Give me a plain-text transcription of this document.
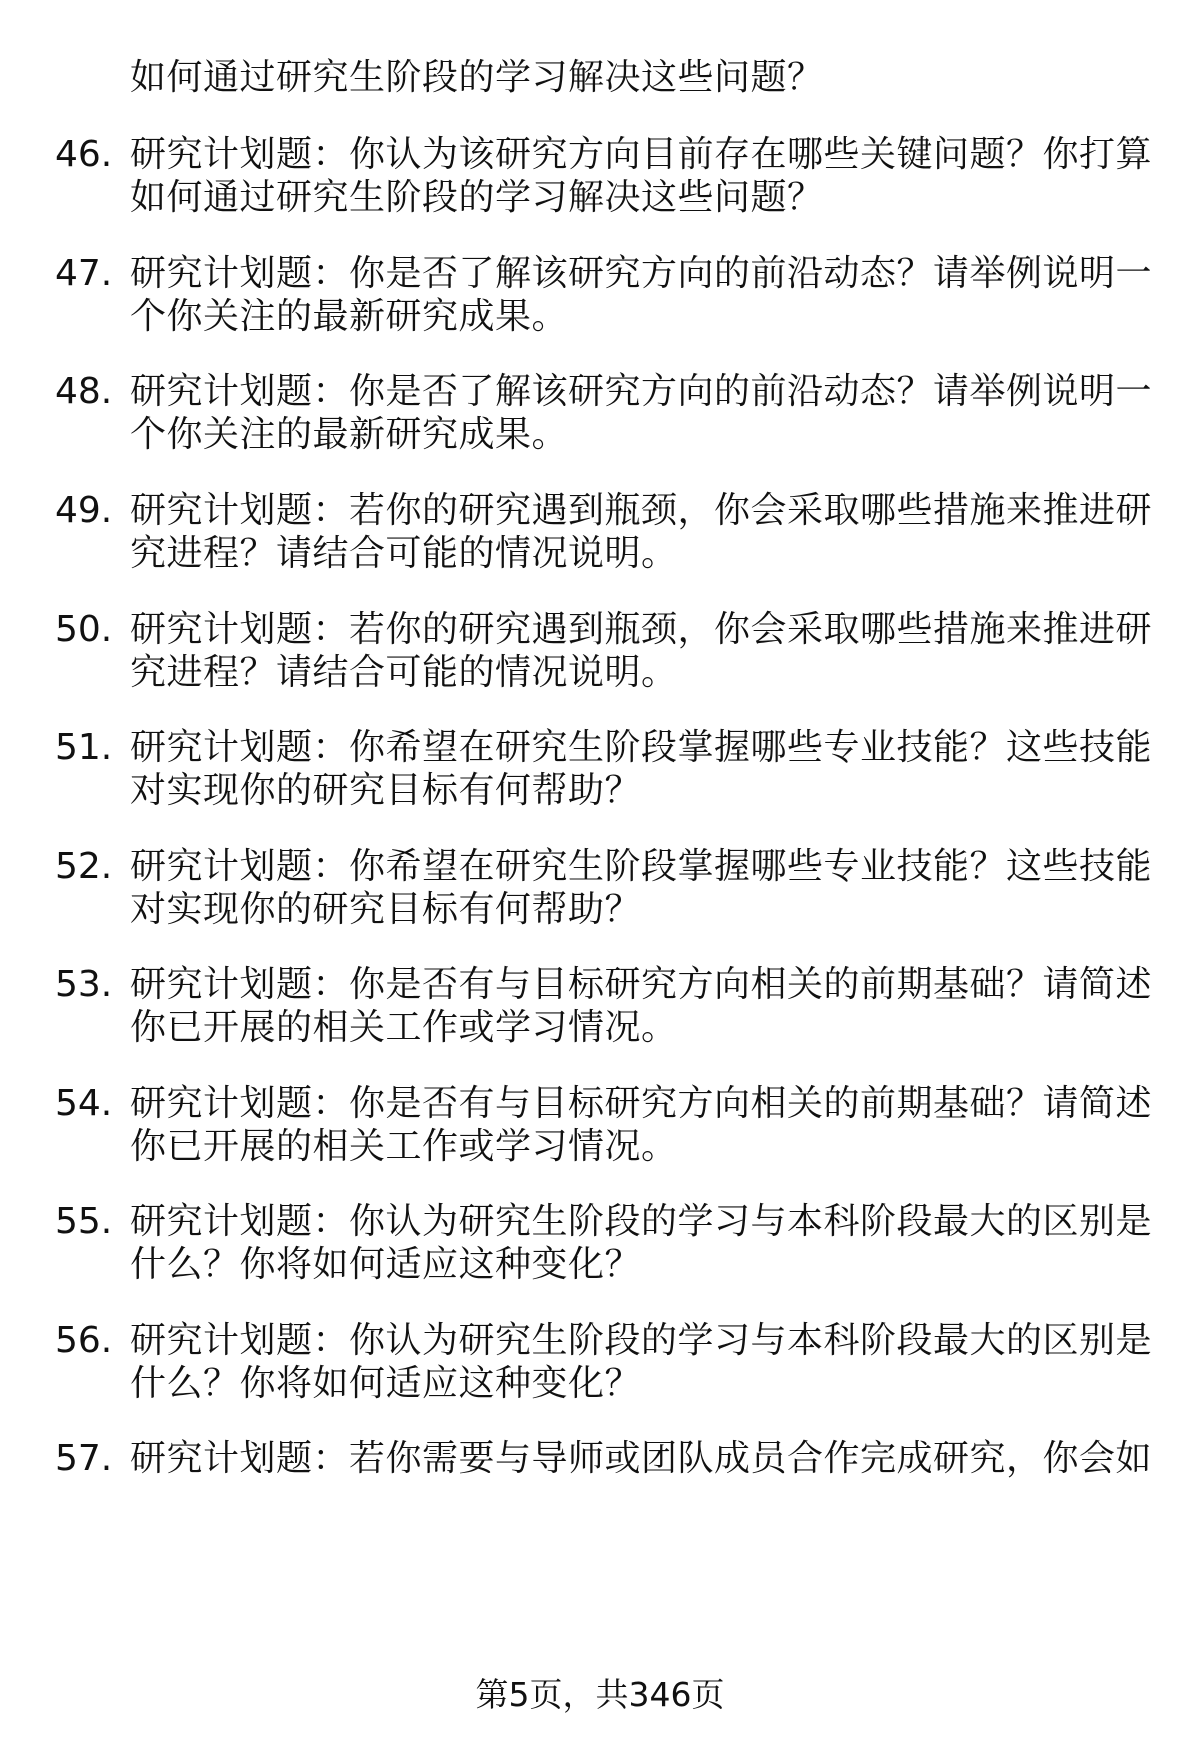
如何通过研究生阶段的学习解决这些问题？
46. 研究计划题：你认为该研究方向目前存在哪些关键问题？你打算
如何通过研究生阶段的学习解决这些问题？
47. 研究计划题：你是否了解该研究方向的前沿动态？请举例说明一
个你关注的最新研究成果。
48. 研究计划题：你是否了解该研究方向的前沿动态？请举例说明一
个你关注的最新研究成果。
49. 研究计划题：若你的研究遇到瓶颈，你会采取哪些措施来推进研
究进程？请结合可能的情况说明。
50. 研究计划题：若你的研究遇到瓶颈，你会采取哪些措施来推进研
究进程？请结合可能的情况说明。
51. 研究计划题：你希望在研究生阶段掌握哪些专业技能？这些技能
对实现你的研究目标有何帮助？
52. 研究计划题：你希望在研究生阶段掌握哪些专业技能？这些技能
对实现你的研究目标有何帮助？
53. 研究计划题：你是否有与目标研究方向相关的前期基础？请简述
你已开展的相关工作或学习情况。
54. 研究计划题：你是否有与目标研究方向相关的前期基础？请简述
你已开展的相关工作或学习情况。
55. 研究计划题：你认为研究生阶段的学习与本科阶段最大的区别是
什么？你将如何适应这种变化？
56. 研究计划题：你认为研究生阶段的学习与本科阶段最大的区别是
什么？你将如何适应这种变化？
57. 研究计划题：若你需要与导师或团队成员合作完成研究，你会如
第5页，共346页
